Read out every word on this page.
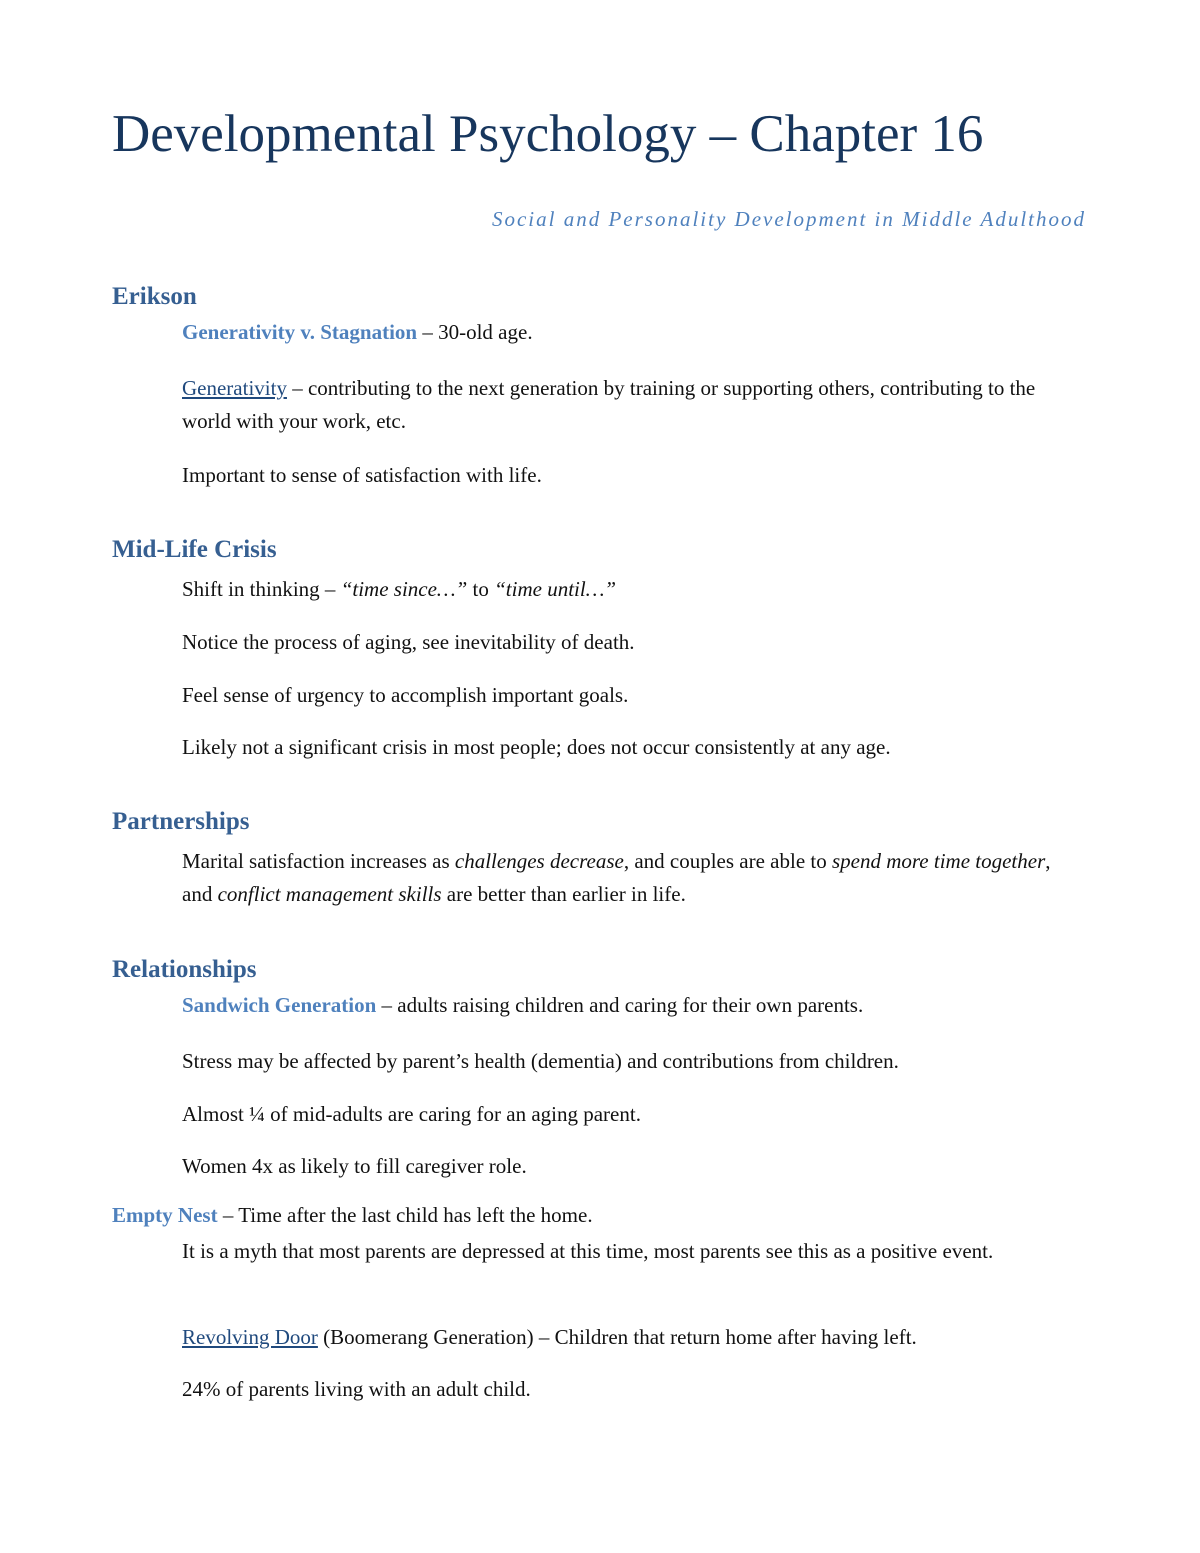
Developmental Psychology – Chapter 16
Social and Personality Development in Middle Adulthood
Erikson

Generativity v. Stagnation – 30-old age.

Generativity – contributing to the next generation by training or supporting others, contributing to the world with your work, etc.

Important to sense of satisfaction with life.

Mid-Life Crisis

Shift in thinking – “time since…” to “time until…”

Notice the process of aging, see inevitability of death.

Feel sense of urgency to accomplish important goals.

Likely not a significant crisis in most people; does not occur consistently at any age.

Partnerships

Marital satisfaction increases as challenges decrease, and couples are able to spend more time together, and conflict management skills are better than earlier in life.

Relationships

Sandwich Generation – adults raising children and caring for their own parents.

Stress may be affected by parent’s health (dementia) and contributions from children.

Almost ¼ of mid-adults are caring for an aging parent.

Women 4x as likely to fill caregiver role.

Empty Nest – Time after the last child has left the home.

It is a myth that most parents are depressed at this time, most parents see this as a positive event.

Revolving Door (Boomerang Generation) – Children that return home after having left.

24% of parents living with an adult child.
